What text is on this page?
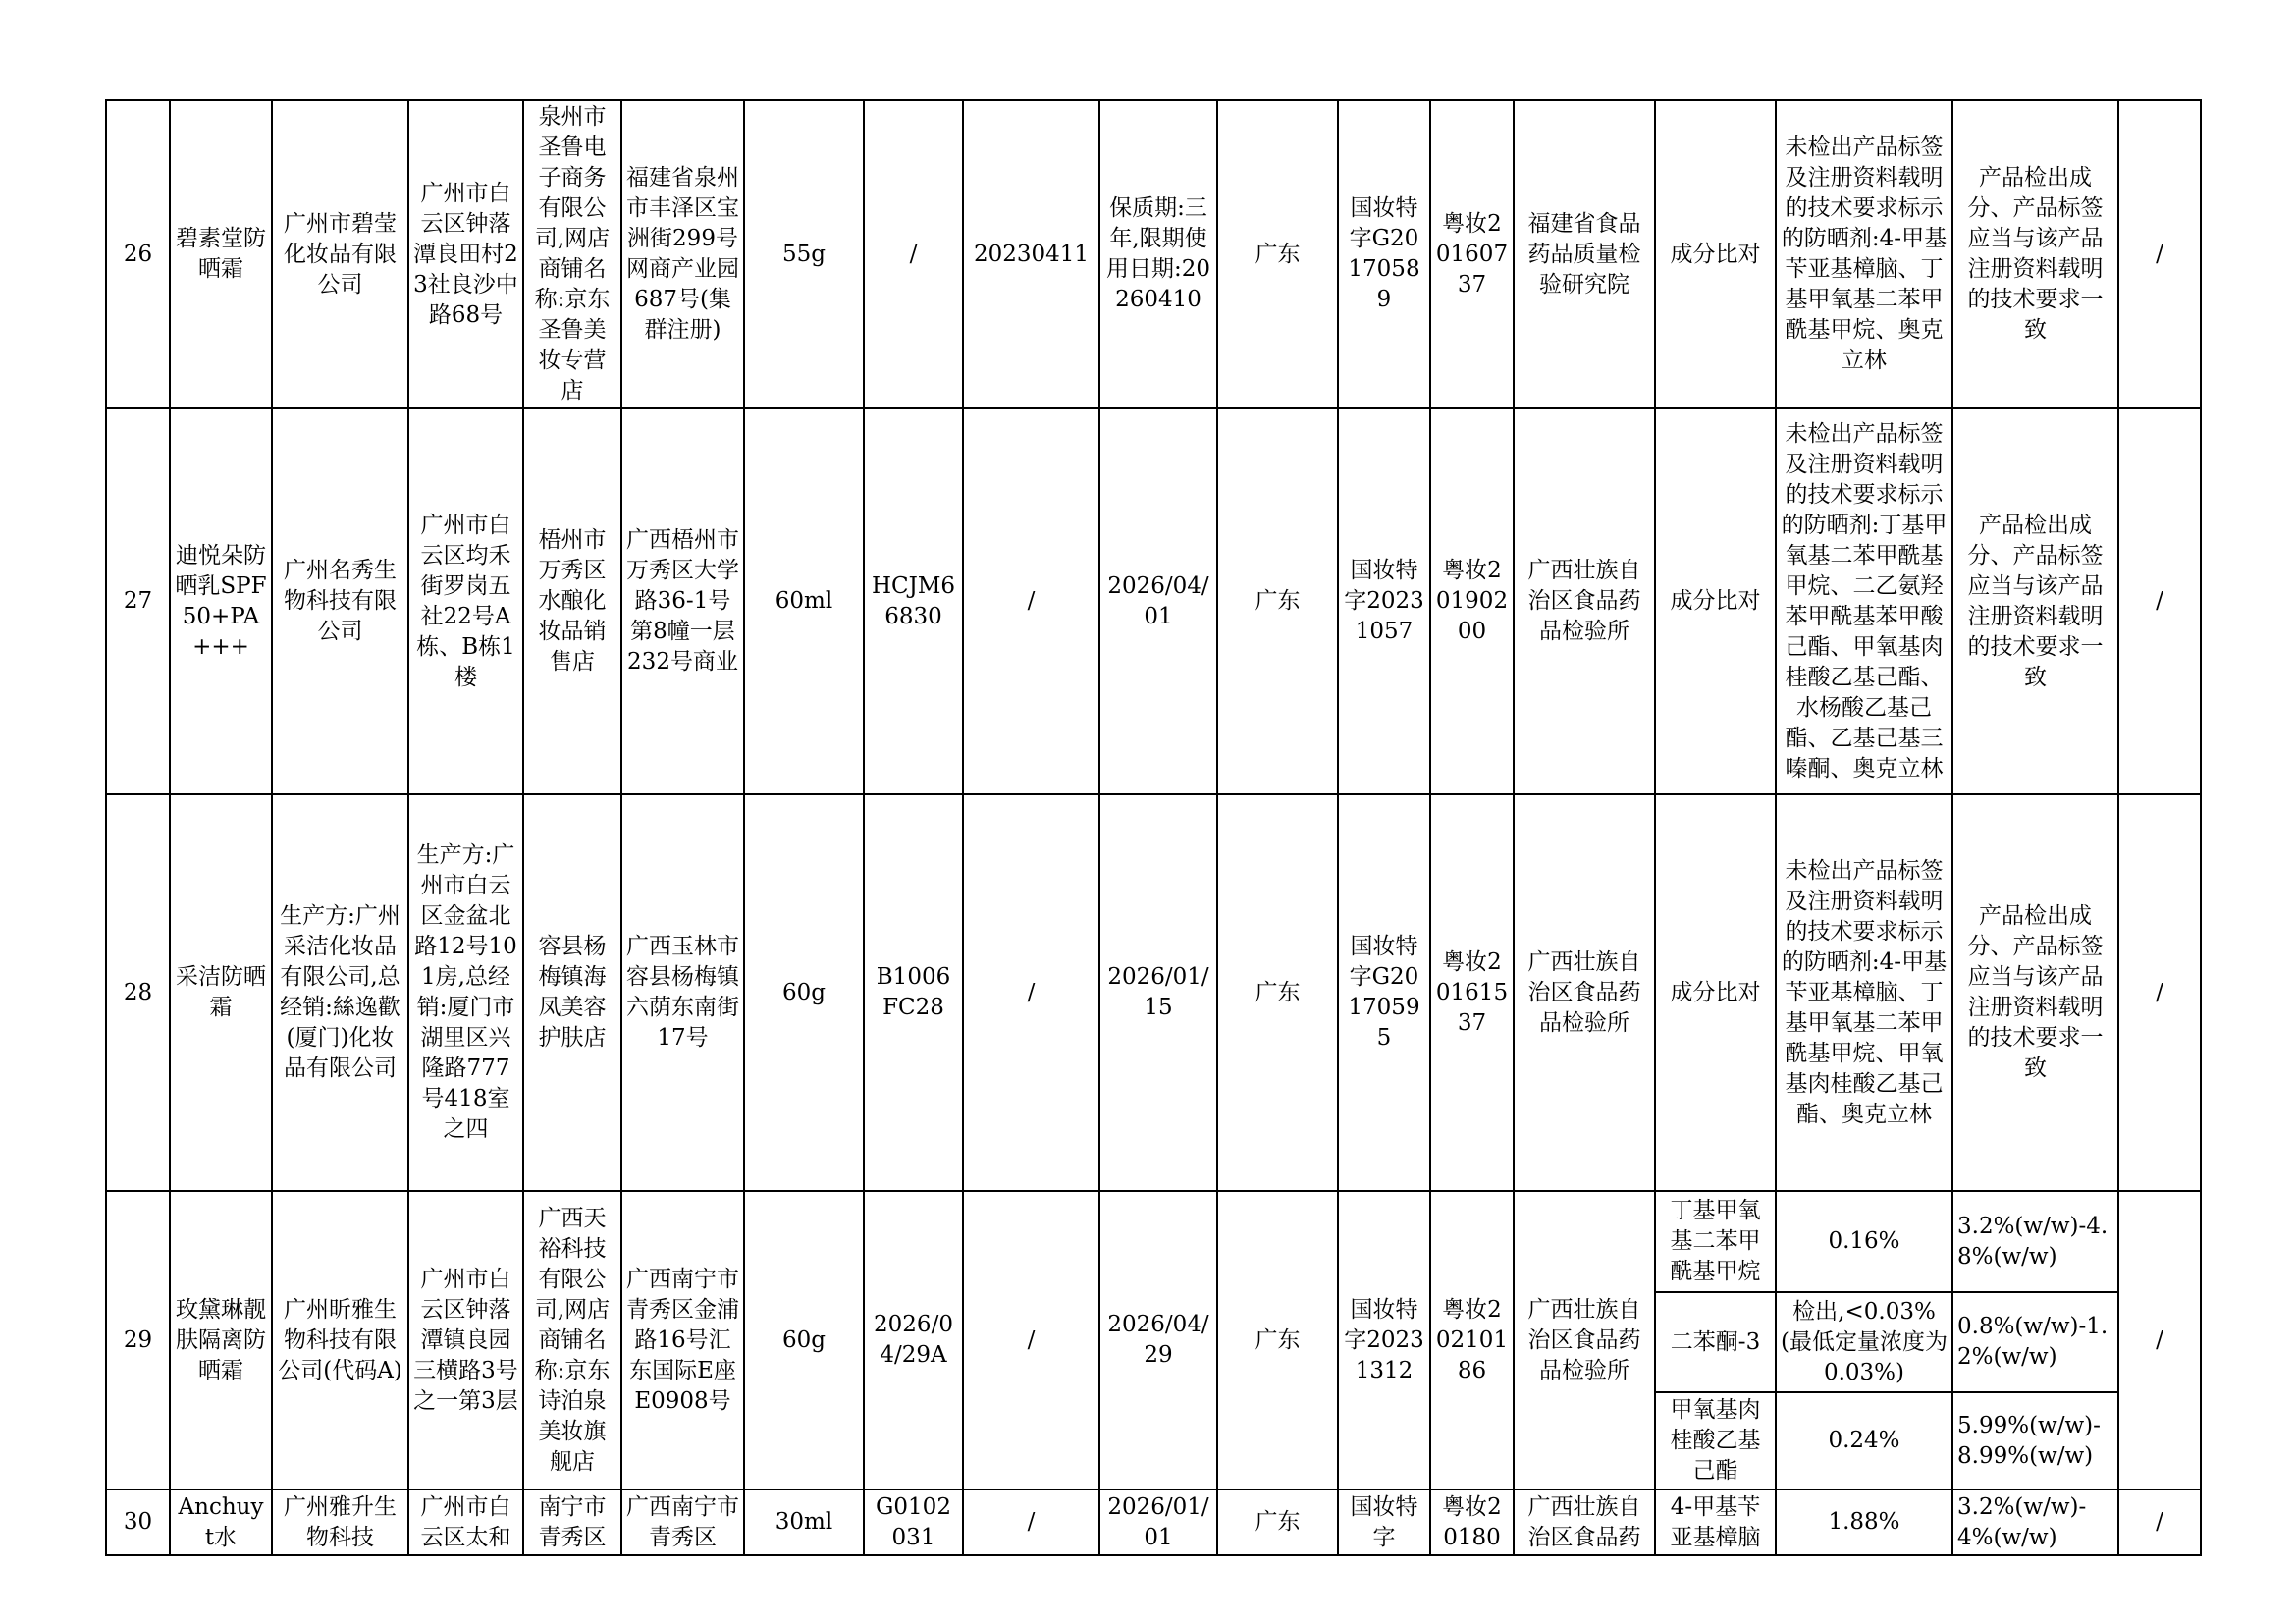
26	碧素堂防晒霜	广州市碧莹化妆品有限公司	广州市白云区钟落潭良田村23社良沙中路68号	泉州市圣鲁电子商务有限公司,网店商铺名称:京东圣鲁美妆专营店	福建省泉州市丰泽区宝洲街299号网商产业园687号(集群注册)	55g	/	20230411	保质期:三年,限期使用日期:20260410	广东	国妆特字G20170589	粤妆20160737	福建省食品药品质量检验研究院	成分比对	未检出产品标签及注册资料载明的技术要求标示的防晒剂:4-甲基苄亚基樟脑、丁基甲氧基二苯甲酰基甲烷、奥克立林	产品检出成分、产品标签应当与该产品注册资料载明的技术要求一致	/
27	迪悦朵防晒乳SPF50+PA+++	广州名秀生物科技有限公司	广州市白云区均禾街罗岗五社22号A栋、B栋1楼	梧州市万秀区水酿化妆品销售店	广西梧州市万秀区大学路36-1号第8幢一层232号商业	60ml	HCJM66830	/	2026/04/01	广东	国妆特字20231057	粤妆20190200	广西壮族自治区食品药品检验所	成分比对	未检出产品标签及注册资料载明的技术要求标示的防晒剂:丁基甲氧基二苯甲酰基甲烷、二乙氨羟苯甲酰基苯甲酸己酯、甲氧基肉桂酸乙基己酯、水杨酸乙基己酯、乙基己基三嗪酮、奥克立林	产品检出成分、产品标签应当与该产品注册资料载明的技术要求一致	/
28	采洁防晒霜	生产方:广州采洁化妆品有限公司,总经销:絲逸歡(厦门)化妆品有限公司	生产方:广州市白云区金盆北路12号101房,总经销:厦门市湖里区兴隆路777号418室之四	容县杨梅镇海凤美容护肤店	广西玉林市容县杨梅镇六荫东南街17号	60g	B1006FC28	/	2026/01/15	广东	国妆特字G20170595	粤妆20161537	广西壮族自治区食品药品检验所	成分比对	未检出产品标签及注册资料载明的技术要求标示的防晒剂:4-甲基苄亚基樟脑、丁基甲氧基二苯甲酰基甲烷、甲氧基肉桂酸乙基己酯、奥克立林	产品检出成分、产品标签应当与该产品注册资料载明的技术要求一致	/
29	玫黛琳靓肤隔离防晒霜	广州昕雅生物科技有限公司(代码A)	广州市白云区钟落潭镇良园三横路3号之一第3层	广西天裕科技有限公司,网店商铺名称:京东诗泊泉美妆旗舰店	广西南宁市青秀区金浦路16号汇东国际E座E0908号	60g	2026/04/29A	/	2026/04/29	广东	国妆特字20231312	粤妆20210186	广西壮族自治区食品药品检验所	丁基甲氧基二苯甲酰基甲烷	0.16%	3.2%(w/w)-4.8%(w/w)	/
														二苯酮-3	检出,<0.03%(最低定量浓度为0.03%)	0.8%(w/w)-1.2%(w/w)	
														甲氧基肉桂酸乙基己酯	0.24%	5.99%(w/w)-8.99%(w/w)	
30	Anchuyt水	广州雅升生物科技	广州市白云区太和	南宁市青秀区	广西南宁市青秀区	30ml	G0102031	/	2026/01/01	广东	国妆特字	粤妆20180	广西壮族自治区食品药	4-甲基苄亚基樟脑	1.88%	3.2%(w/w)-4%(w/w)	/
